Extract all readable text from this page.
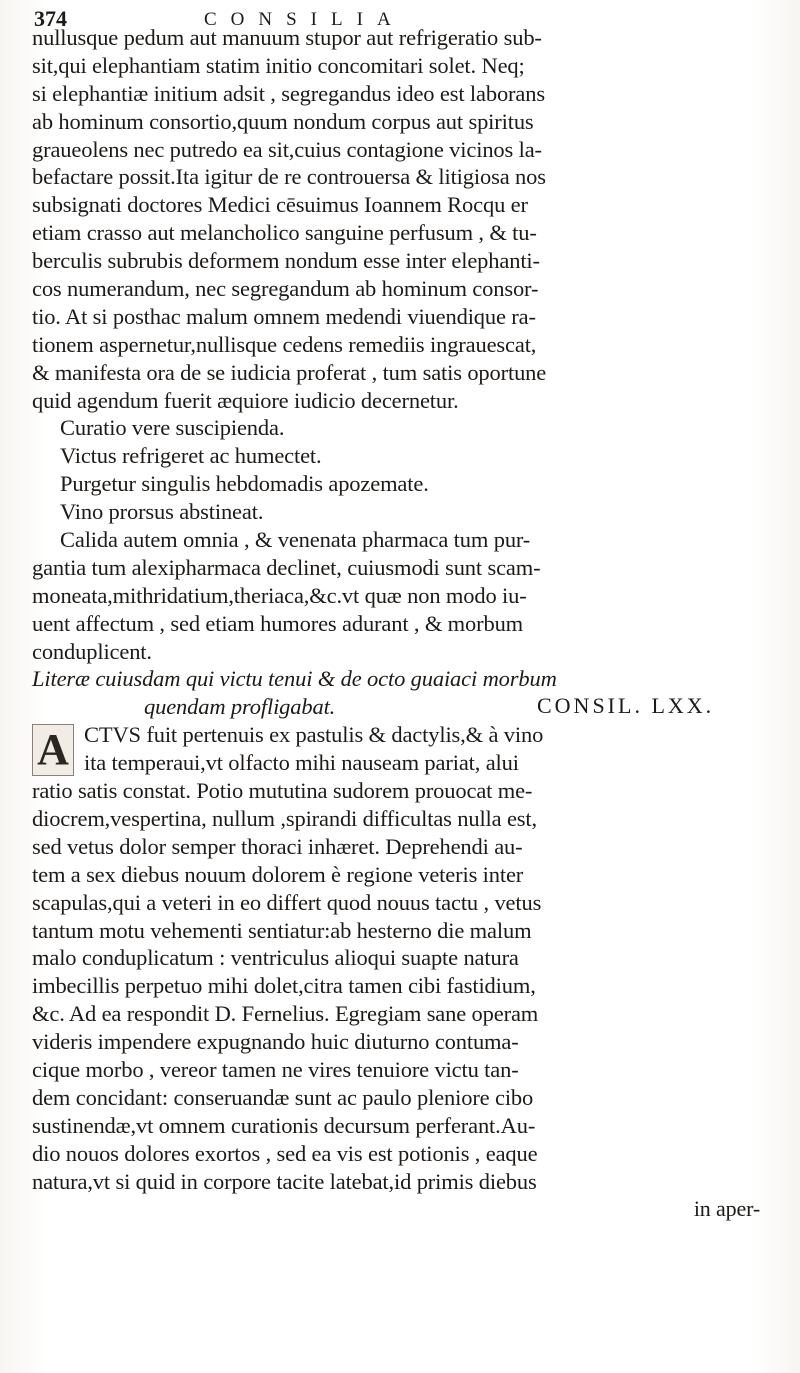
374	CONSILIA
nullusque pedum aut manuum stupor aut refrigeratio sub-
sit,qui elephantiam statim initio concomitari solet. Neq;
si elephantiæ initium adsit , segregandus ideo est laborans
ab hominum consortio,quum nondum corpus aut spiritus
graueolens nec putredo ea sit,cuius contagione vicinos la-
befactare possit.Ita igitur de re controuersa & litigiosa nos
subsignati doctores Medici cēsuimus Ioannem Rocqu er
etiam crasso aut melancholico sanguine perfusum , & tu-
berculis subrubis deformem nondum esse inter elephanti-
cos numerandum, nec segregandum ab hominum consor-
tio. At si posthac malum omnem medendi viuendique ra-
tionem aspernetur,nullisque cedens remediis ingrauescat,
& manifesta ora de se iudicia proferat , tum satis oportune
quid agendum fuerit æquiore iudicio decernetur.
Curatio vere suscipienda.
Victus refrigeret ac humectet.
Purgetur singulis hebdomadis apozemate.
Vino prorsus abstineat.
Calida autem omnia , & venenata pharmaca tum pur-
gantia tum alexipharmaca declinet, cuiusmodi sunt scam-
moneata,mithridatium,theriaca,&c.vt quæ non modo iu-
uent affectum , sed etiam humores adurant , & morbum
conduplicent.
Literæ cuiusdam qui victu tenui & de octo guaiaci morbum
quendam profligabat.	CONSIL. LXX.
A CTVS fuit pertenuis ex pastulis & dactylis,& à vino
ita temperaui,vt olfacto mihi nauseam pariat, alui
ratio satis constat. Potio mututina sudorem prouocat me-
diocrem,vespertina, nullum ,spirandi difficultas nulla est,
sed vetus dolor semper thoraci inhæret. Deprehendi au-
tem a sex diebus nouum dolorem è regione veteris inter
scapulas,qui a veteri in eo differt quod nouus tactu , vetus
tantum motu vehementi sentiatur:ab hesterno die malum
malo conduplicatum : ventriculus alioqui suapte natura
imbecillis perpetuo mihi dolet,citra tamen cibi fastidium,
&c. Ad ea respondit D. Fernelius. Egregiam sane operam
videris impendere expugnando huic diuturno contuma-
cique morbo , vereor tamen ne vires tenuiore victu tan-
dem concidant: conseruandæ sunt ac paulo pleniore cibo
sustinendæ,vt omnem curationis decursum perferant.Au-
dio nouos dolores exortos , sed ea vis est potionis , eaque
natura,vt si quid in corpore tacite latebat,id primis diebus
in aper-
